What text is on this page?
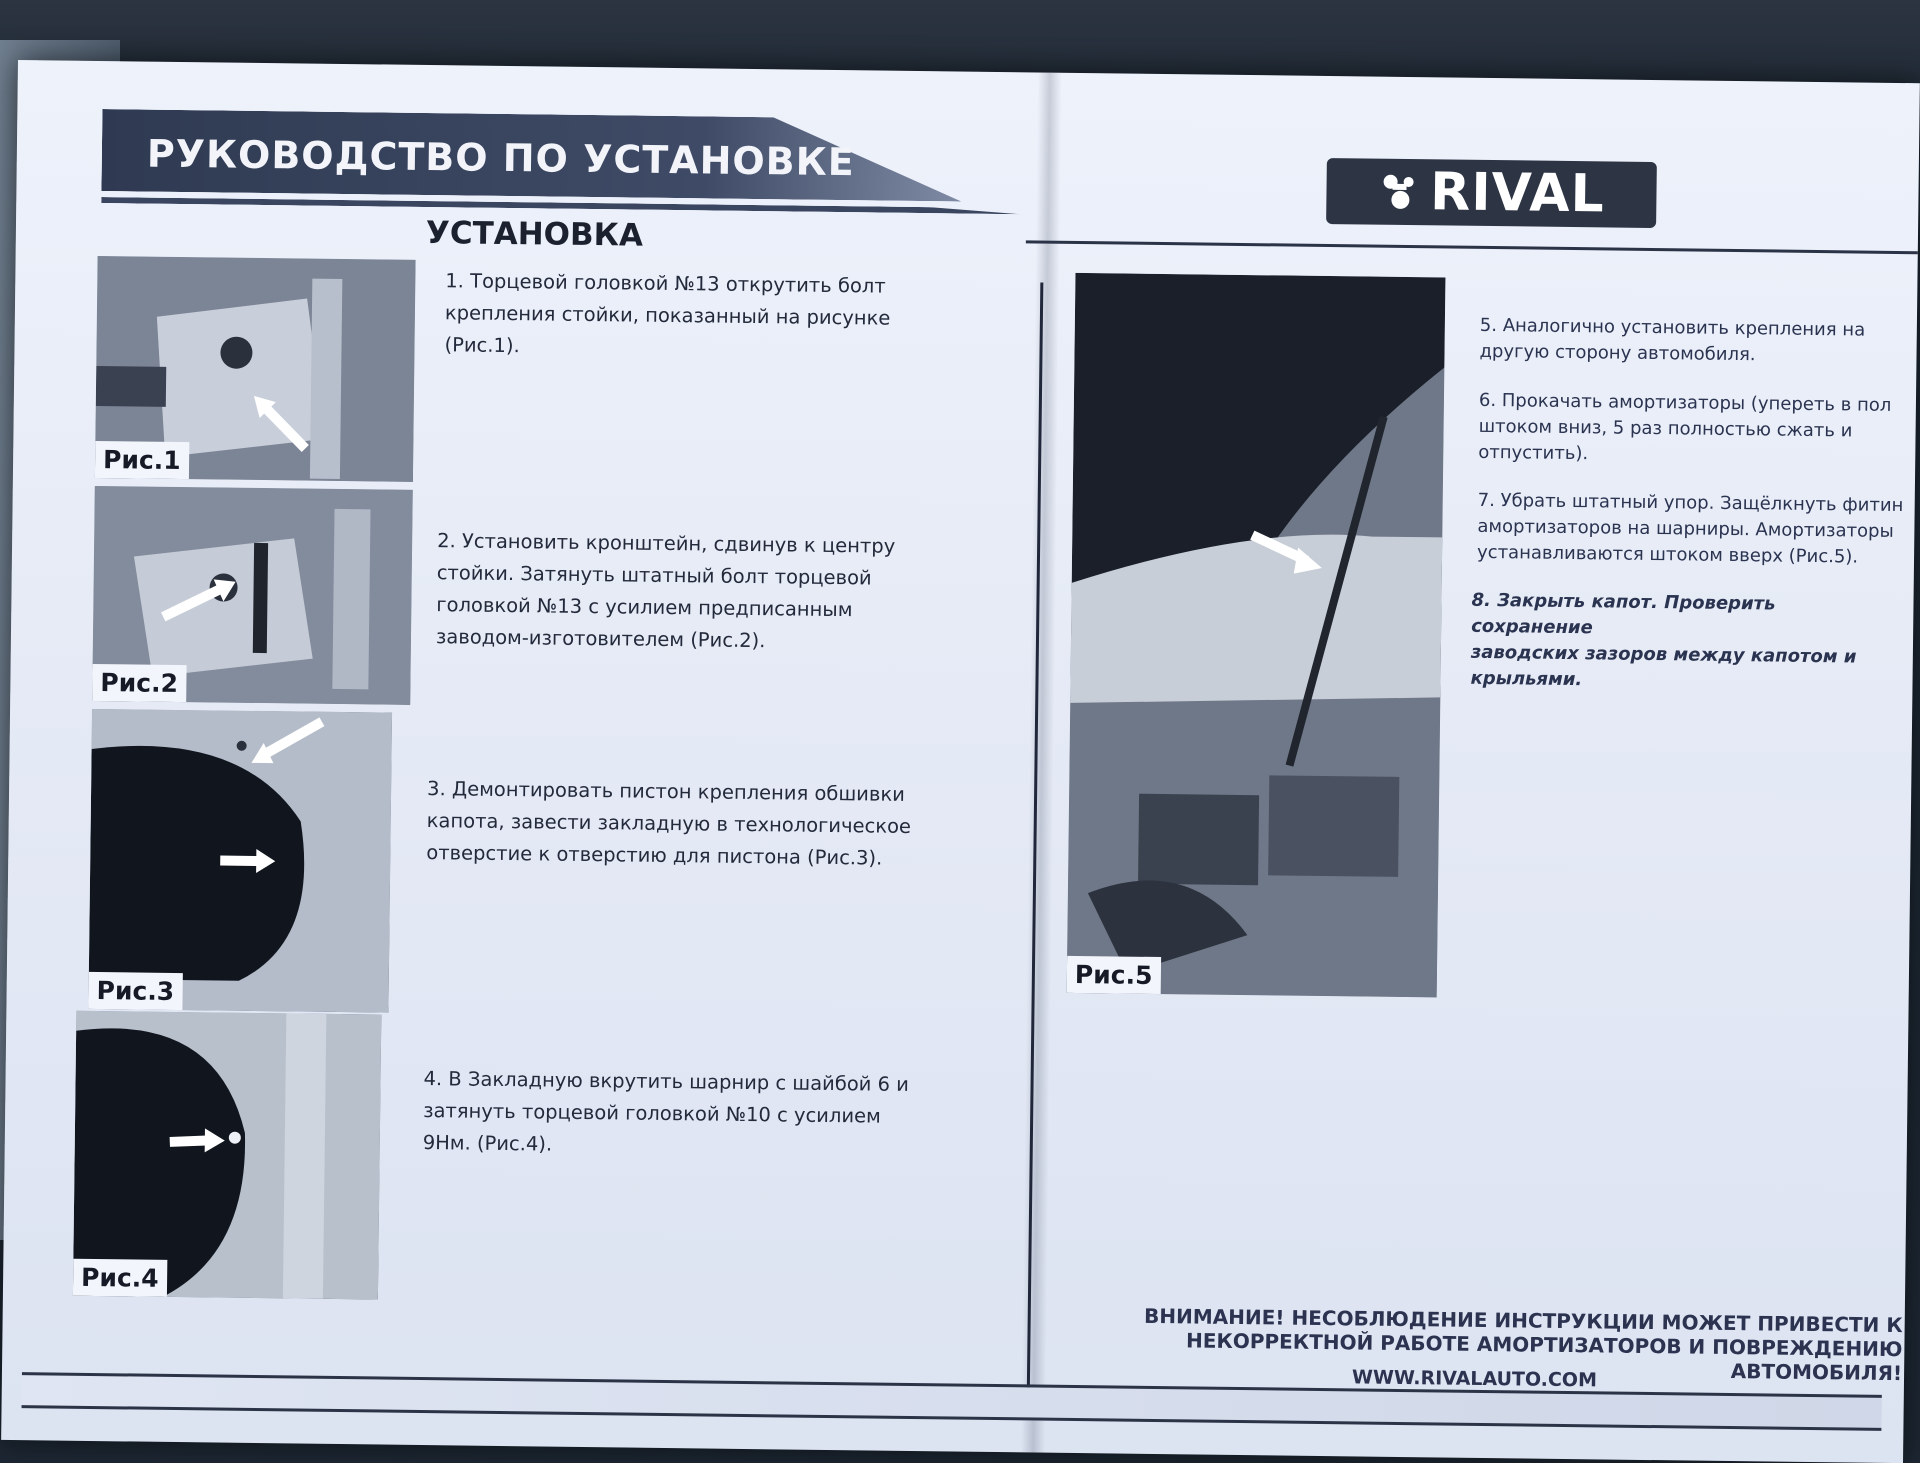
РУКОВОДСТВО ПО УСТАНОВКЕ
УСТАНОВКА
RIVAL
Рис.1
Рис.2
Рис.3
Рис.4
1. Торцевой головкой №13 открутить болт
крепления стойки, показанный на рисунке
(Рис.1).
2. Установить кронштейн, сдвинув к центру
стойки. Затянуть штатный болт торцевой
головкой №13 с усилием предписанным
заводом-изготовителем (Рис.2).
3. Демонтировать пистон крепления обшивки
капота, завести закладную в технологическое
отверстие к отверстию для пистона (Рис.3).
4. В Закладную вкрутить шарнир с шайбой 6 и
затянуть торцевой головкой №10 с усилием
9Нм. (Рис.4).
Рис.5
5. Аналогично установить крепления на
другую сторону автомобиля.
6. Прокачать амортизаторы (упереть в пол
штоком вниз, 5 раз полностью сжать и
отпустить).
7. Убрать штатный упор. Защёлкнуть фитин
амортизаторов на шарниры. Амортизаторы
устанавливаются штоком вверх (Рис.5).
8. Закрыть капот. Проверить сохранение
заводских зазоров между капотом и
крыльями.
ВНИМАНИЕ! НЕСОБЛЮДЕНИЕ ИНСТРУКЦИИ МОЖЕТ ПРИВЕСТИ К
НЕКОРРЕКТНОЙ РАБОТЕ АМОРТИЗАТОРОВ И ПОВРЕЖДЕНИЮ АВТОМОБИЛЯ!
WWW.RIVALAUTO.COM
